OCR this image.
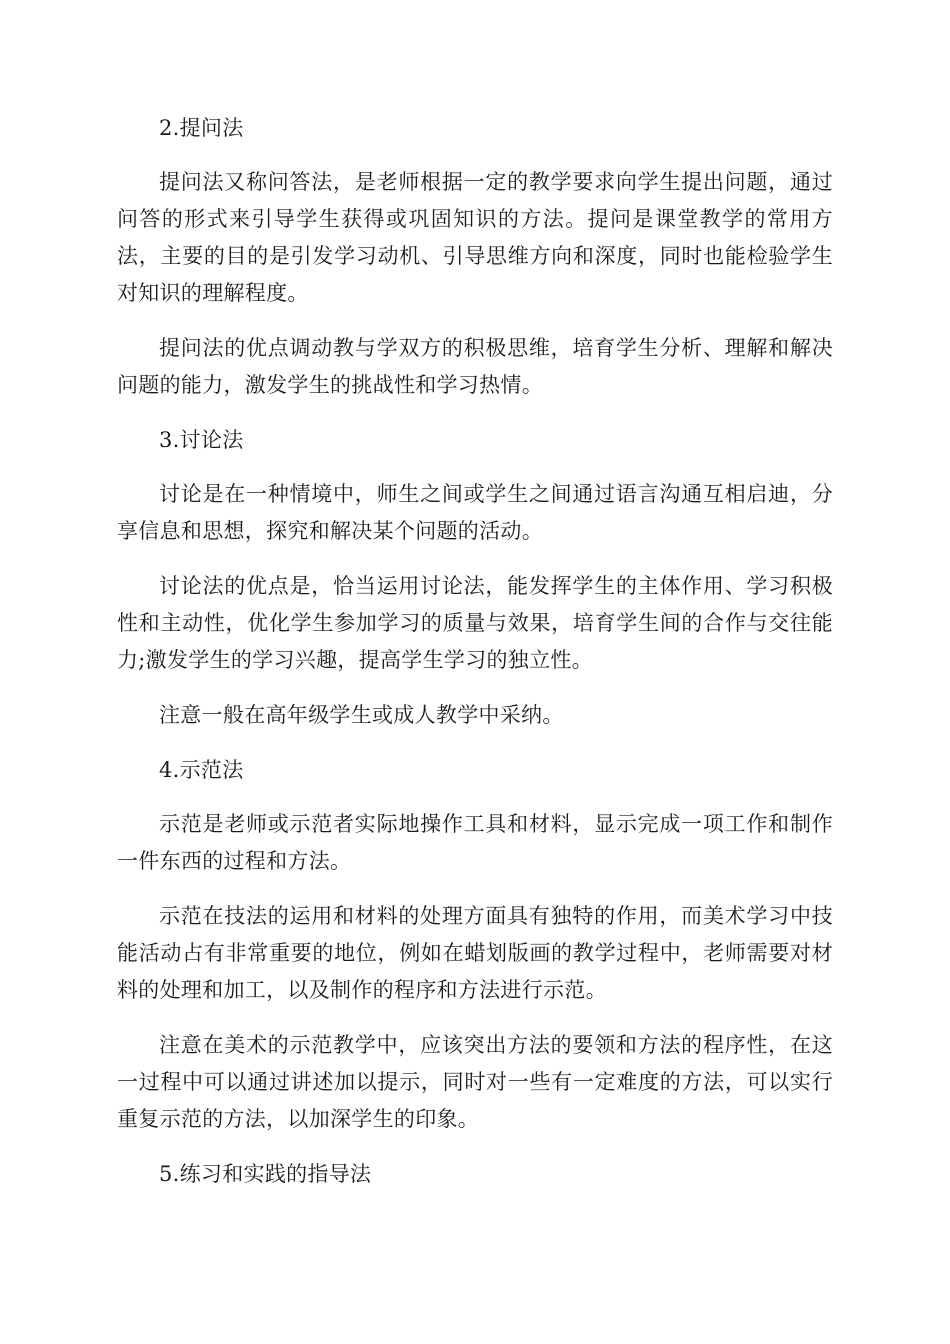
2.提问法

提问法又称问答法，是老师根据一定的教学要求向学生提出问题，通过问答的形式来引导学生获得或巩固知识的方法。提问是课堂教学的常用方法，主要的目的是引发学习动机、引导思维方向和深度，同时也能检验学生对知识的理解程度。

提问法的优点调动教与学双方的积极思维，培育学生分析、理解和解决问题的能力，激发学生的挑战性和学习热情。

3.讨论法

讨论是在一种情境中，师生之间或学生之间通过语言沟通互相启迪，分享信息和思想，探究和解决某个问题的活动。

讨论法的优点是，恰当运用讨论法，能发挥学生的主体作用、学习积极性和主动性，优化学生参加学习的质量与效果，培育学生间的合作与交往能力;激发学生的学习兴趣，提高学生学习的独立性。

注意一般在高年级学生或成人教学中采纳。

4.示范法

示范是老师或示范者实际地操作工具和材料，显示完成一项工作和制作一件东西的过程和方法。

示范在技法的运用和材料的处理方面具有独特的作用，而美术学习中技能活动占有非常重要的地位，例如在蜡划版画的教学过程中，老师需要对材料的处理和加工，以及制作的程序和方法进行示范。

注意在美术的示范教学中，应该突出方法的要领和方法的程序性，在这一过程中可以通过讲述加以提示，同时对一些有一定难度的方法，可以实行重复示范的方法，以加深学生的印象。

5.练习和实践的指导法
